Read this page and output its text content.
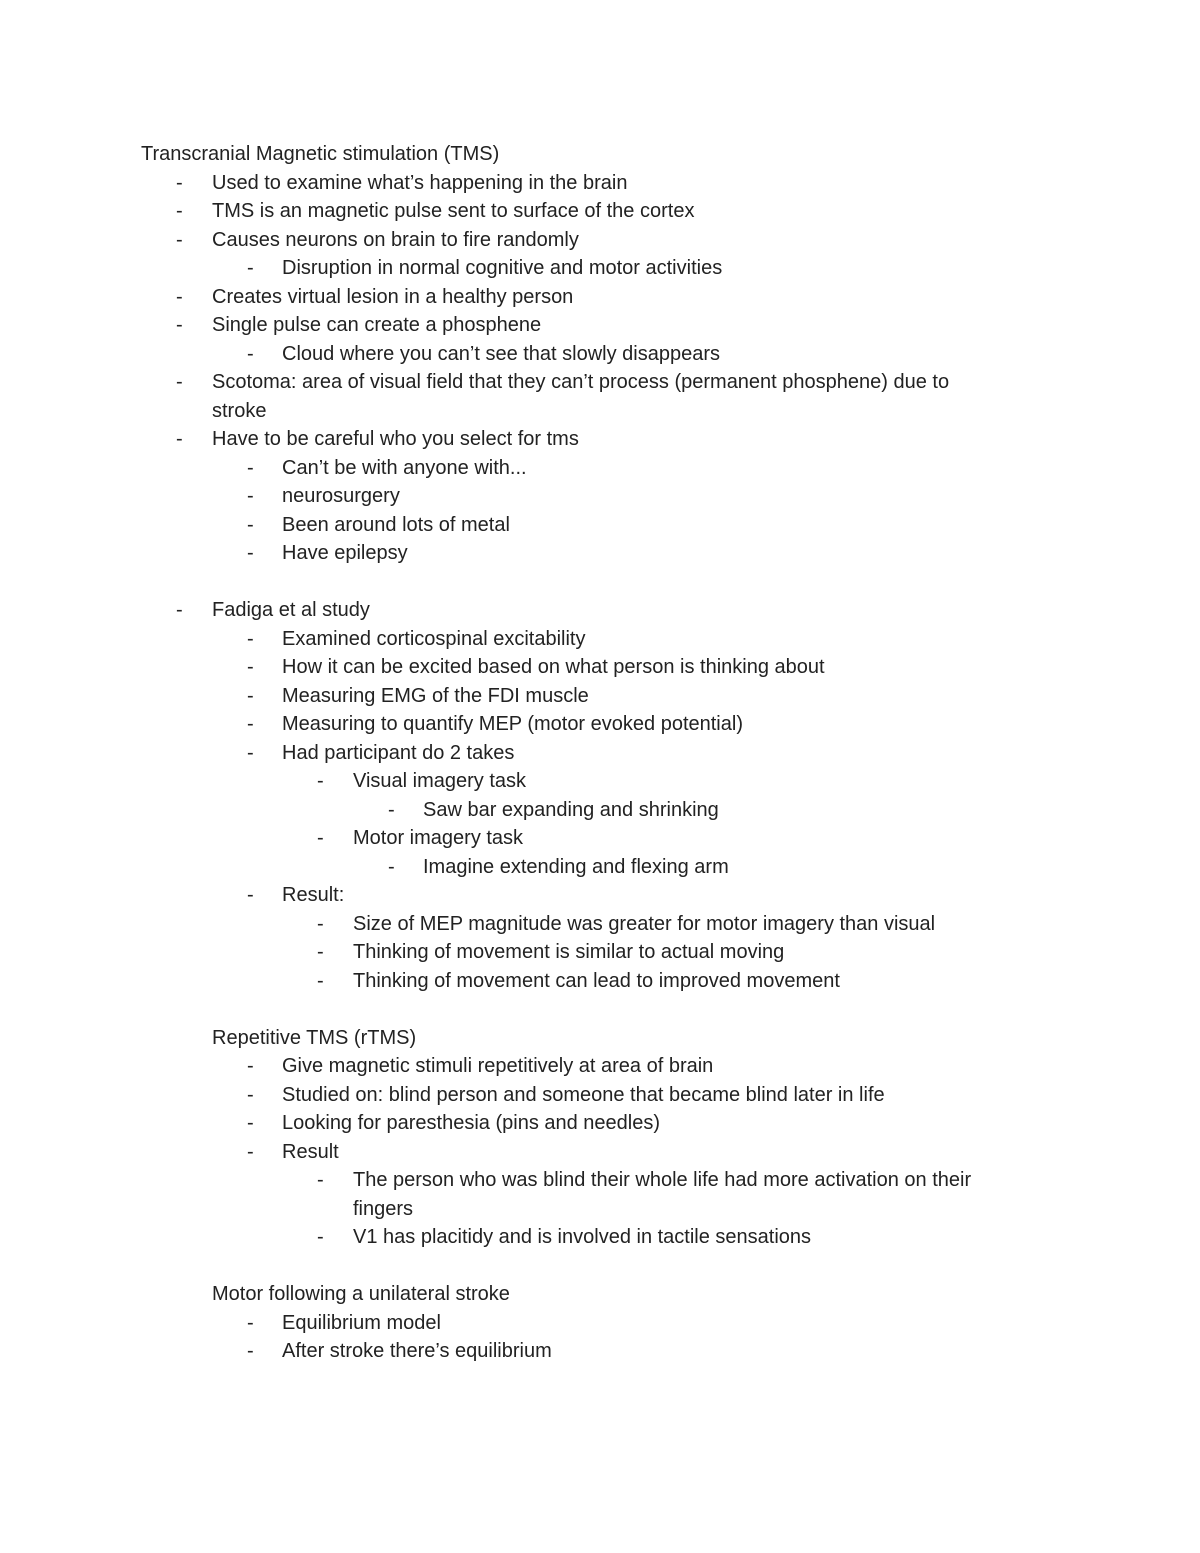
Transcranial Magnetic stimulation (TMS)
- Used to examine what’s happening in the brain
- TMS is an magnetic pulse sent to surface of the cortex
- Causes neurons on brain to fire randomly
- Disruption in normal cognitive and motor activities
- Creates virtual lesion in a healthy person
- Single pulse can create a phosphene
- Cloud where you can’t see that slowly disappears
- Scotoma: area of visual field that they can’t process (permanent phosphene) due to
stroke
- Have to be careful who you select for tms
- Can’t be with anyone with...
- neurosurgery
- Been around lots of metal
- Have epilepsy
- Fadiga et al study
- Examined corticospinal excitability
- How it can be excited based on what person is thinking about
- Measuring EMG of the FDI muscle
- Measuring to quantify MEP (motor evoked potential)
- Had participant do 2 takes
- Visual imagery task
- Saw bar expanding and shrinking
- Motor imagery task
- Imagine extending and flexing arm
- Result:
- Size of MEP magnitude was greater for motor imagery than visual
- Thinking of movement is similar to actual moving
- Thinking of movement can lead to improved movement
Repetitive TMS (rTMS)
- Give magnetic stimuli repetitively at area of brain
- Studied on: blind person and someone that became blind later in life
- Looking for paresthesia (pins and needles)
- Result
- The person who was blind their whole life had more activation on their
fingers
- V1 has placitidy and is involved in tactile sensations
Motor following a unilateral stroke
- Equilibrium model
- After stroke there’s equilibrium
